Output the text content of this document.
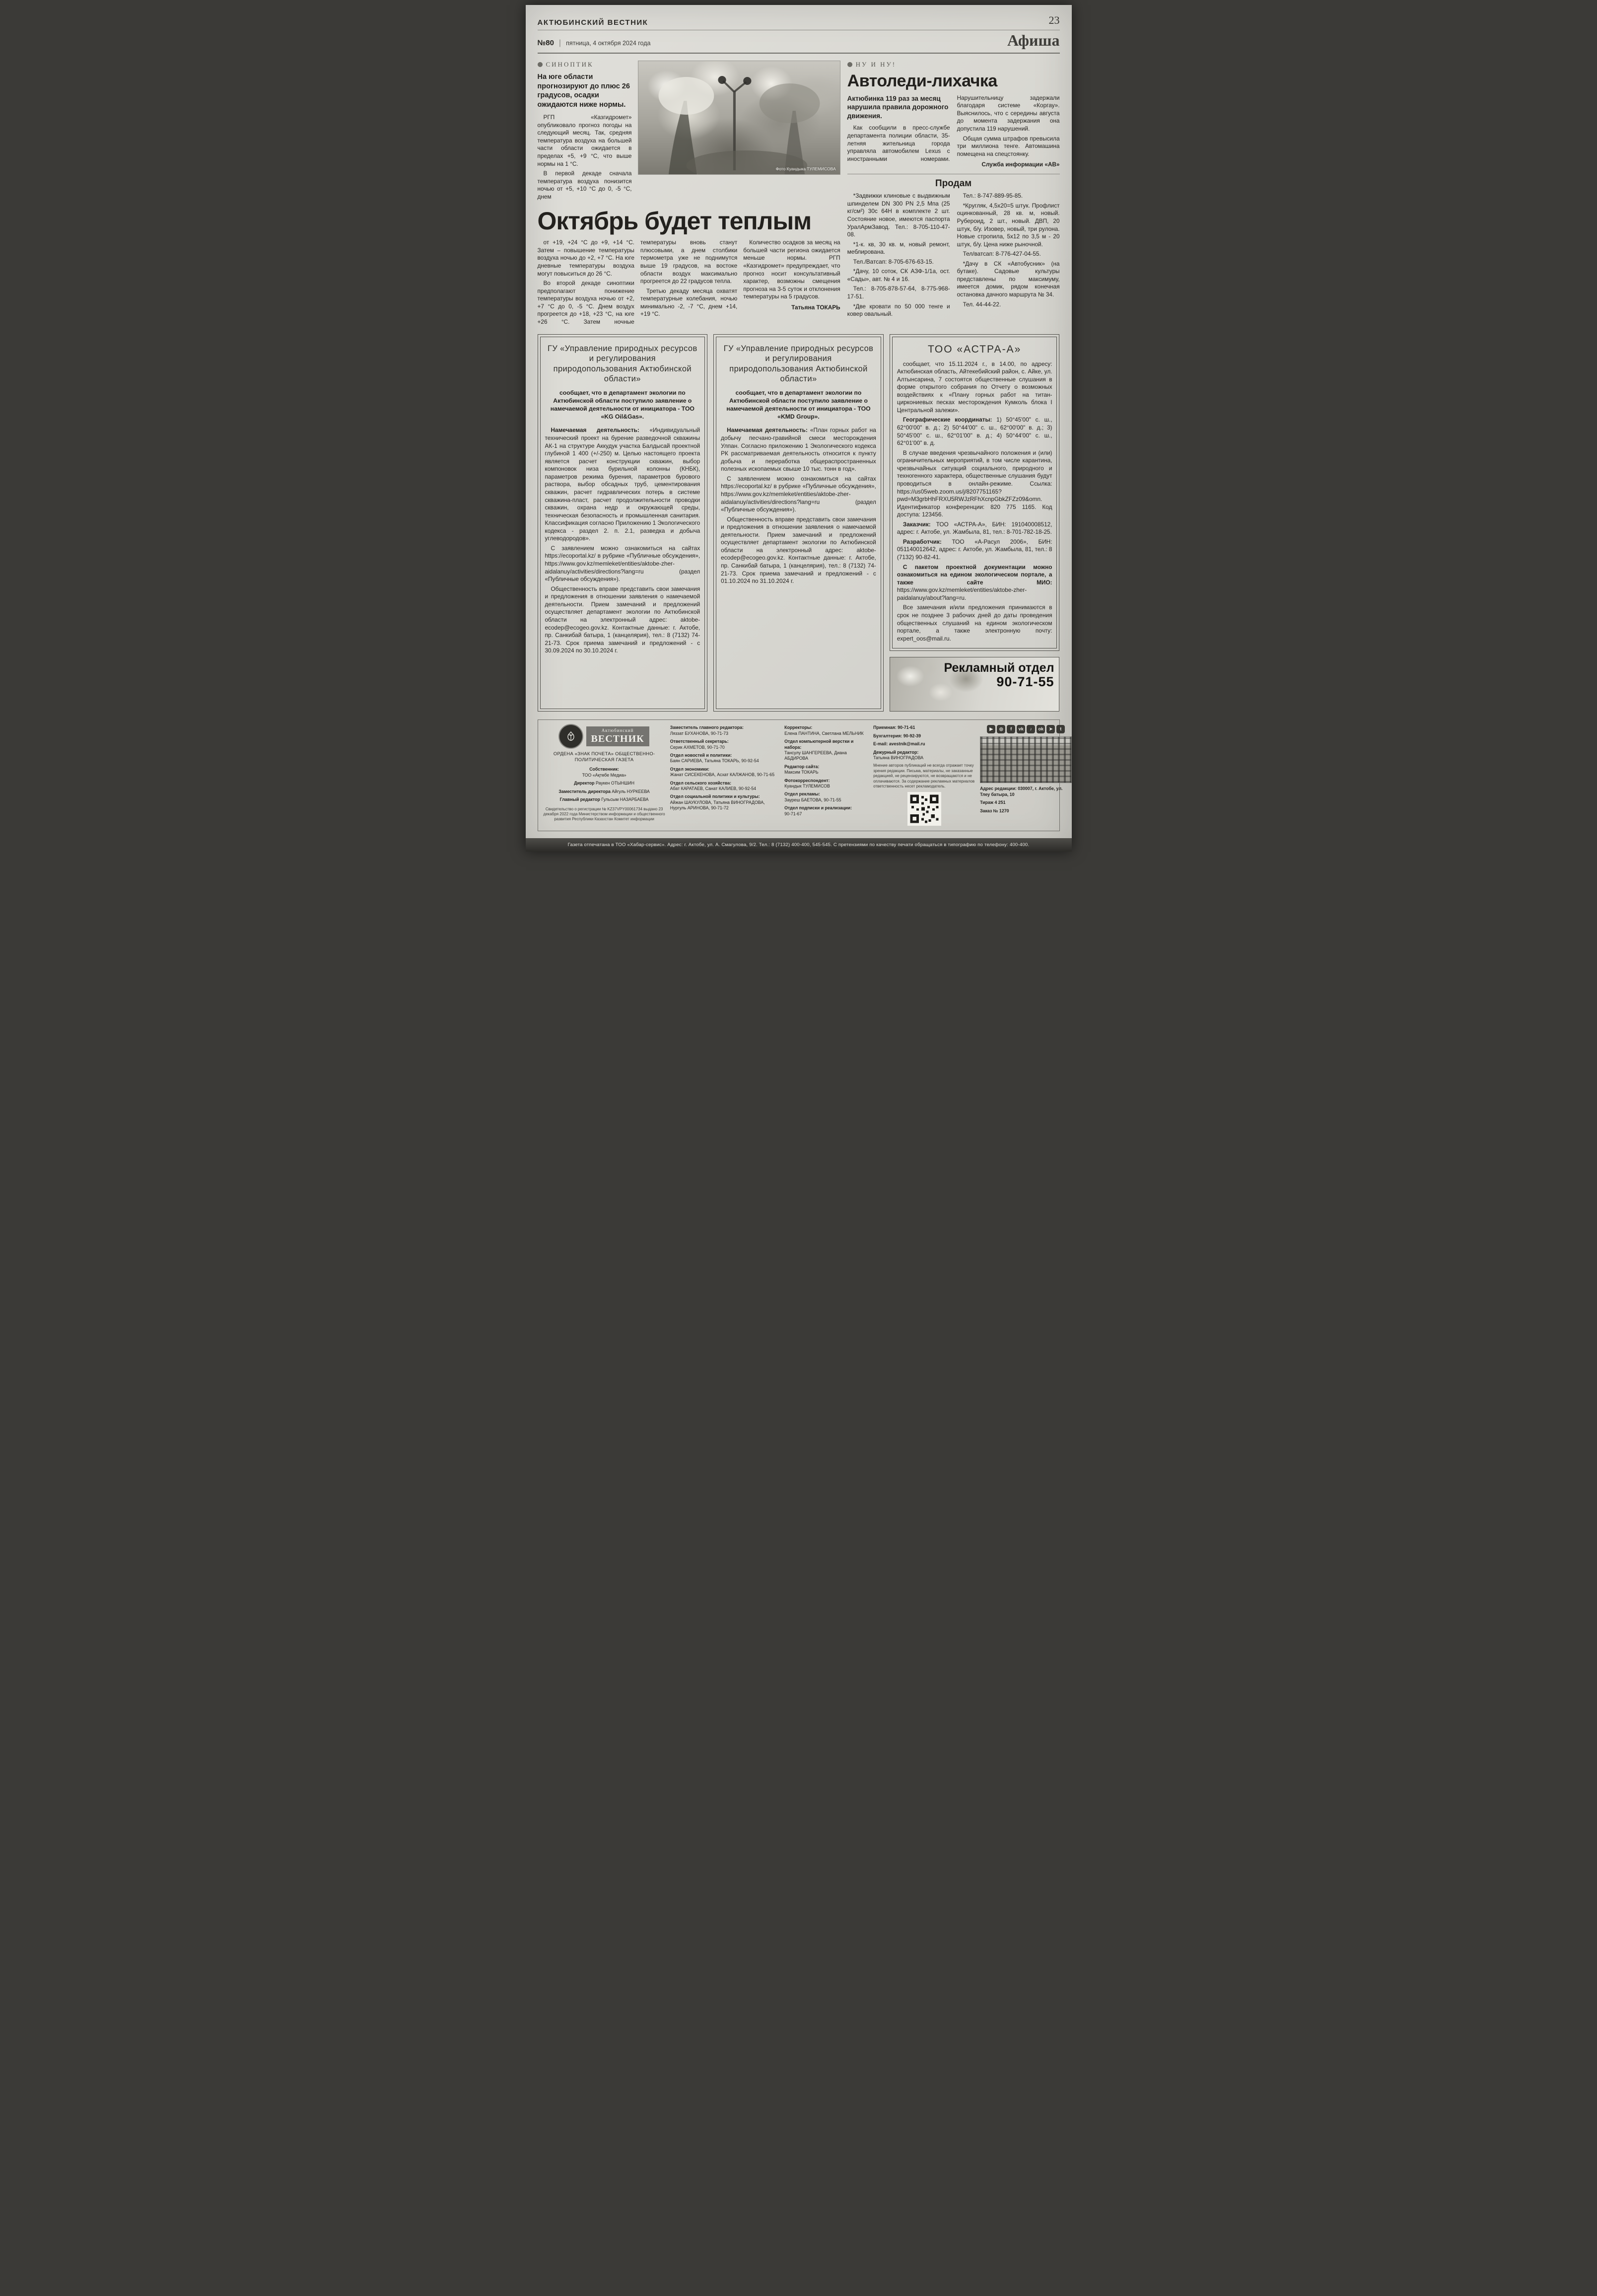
АКТЮБИНСКИЙ ВЕСТНИК	23
№80 | пятница, 4 октября 2024 года	Афиша
СИНОПТИК

На юге области прогнозируют до плюс 26 градусов, осадки ожидаются ниже нормы.

РГП «Казгидромет» опубликовало прогноз погоды на следующий месяц. Так, средняя температура воздуха на большей части области ожидается в пределах +5, +9 °С, что выше нормы на 1 °С.

В первой декаде сначала температура воздуха понизится ночью от +5, +10 °С до 0, -5 °С, днем

Фото Куандыка ТУЛЕМИСОВА
Октябрь будет теплым

от +19, +24 °С до +9, +14 °С. Затем – повышение температуры воздуха ночью до +2, +7 °С. На юге дневные температуры воздуха могут повыситься до 26 °С.

Во второй декаде синоптики предполагают понижение температуры воздуха ночью от +2, +7 °С до 0, -5 °С. Днем воздух прогреется до +18, +23 °С, на юге +26 °С. Затем ночные температуры вновь станут плюсовыми, а днем столбики термометра уже не поднимутся выше 19 градусов, на востоке области воздух максимально прогреется до 22 градусов тепла.

Третью декаду месяца охватят температурные колебания, ночью минимально -2, -7 °С, днем +14, +19 °С.

Количество осадков за месяц на большей части региона ожидается меньше нормы. РГП «Казгидромет» предупреждает, что прогноз носит консультативный характер, возможны смещения прогноза на 3-5 суток и отклонения температуры на 5 градусов.

Татьяна ТОКАРЬ

НУ И НУ!
Автоледи-лихачка

Актюбинка 119 раз за месяц нарушила правила дорожного движения.

Как сообщили в пресс-службе департамента полиции области, 35-летняя жительница города управляла автомобилем Lexus с иностранными номерами. Нарушительницу задержали благодаря системе «Коргау». Выяснилось, что с середины августа до момента задержания она допустила 119 нарушений.

Общая сумма штрафов превысила три миллиона тенге. Автомашина помещена на спецстоянку.

Служба информации «АВ»

Продам

*Задвижки клиновые с выдвижным шпинделем DN 300 PN 2,5 Мпа (25 кг/см²) 30с 64Н в комплекте 2 шт. Состояние новое, имеются паспорта УралАрмЗавод. Тел.: 8-705-110-47-08.

*1-к. кв, 30 кв. м, новый ремонт, меблирована.

Тел./Ватсап: 8-705-676-63-15.

*Дачу, 10 соток, СК АЗФ-1/1а, ост. «Сады», авт. № 4 и 16.

Тел.: 8-705-878-57-64, 8-775-968-17-51.

*Две кровати по 50 000 тенге и ковер овальный.

Тел.: 8-747-889-95-85.

*Кругляк, 4,5х20=5 штук. Профлист оцинкованный, 28 кв. м, новый. Рубероид, 2 шт., новый. ДВП, 20 штук, б/у. Изовер, новый, три рулона. Новые стропила, 5х12 по 3,5 м - 20 штук, б/у. Цена ниже рыночной.

Тел/ватсап: 8-776-427-04-55.

*Дачу в СК «Автобусник» (на бутаке). Садовые культуры представлены по максимуму, имеется домик, рядом конечная остановка дачного маршрута № 34.

Тел. 44-44-22.

ГУ «Управление природных ресурсов и регулирования природопользования Актюбинской области»
сообщает, что в департамент экологии по Актюбинской области поступило заявление о намечаемой деятельности от инициатора - ТОО «KG Oil&Gas».

Намечаемая деятельность: «Индивидуальный технический проект на бурение разведочной скважины АК-1 на структуре Аккудук участка Балдысай проектной глубиной 1 400 (+/-250) м. Целью настоящего проекта является расчет конструкции скважин, выбор компоновок низа бурильной колонны (КНБК), параметров режима бурения, параметров бурового раствора, выбор обсадных труб, цементирования скважин, расчет гидравлических потерь в системе скважина-пласт, расчет продолжительности проводки скважин, охрана недр и окружающей среды, техническая безопасность и промышленная санитария. Классификация согласно Приложению 1 Экологического кодекса - раздел 2. п. 2.1, разведка и добыча углеводородов».

С заявлением можно ознакомиться на сайтах https://ecoportal.kz/ в рубрике «Публичные обсуждения», https://www.gov.kz/memleket/entities/aktobe-zher-aidalanuy/activities/directions?lang=ru (раздел «Публичные обсуждения»).

Общественность вправе представить свои замечания и предложения в отношении заявления о намечаемой деятельности. Прием замечаний и предложений осуществляет департамент экологии по Актюбинской области на электронный адрес: aktobe-ecodep@ecogeo.gov.kz. Контактные данные: г. Актобе, пр. Санкибай батыра, 1 (канцелярия), тел.: 8 (7132) 74-21-73. Срок приема замечаний и предложений - с 30.09.2024 по 30.10.2024 г.

ГУ «Управление природных ресурсов и регулирования природопользования Актюбинской области»
сообщает, что в департамент экологии по Актюбинской области поступило заявление о намечаемой деятельности от инициатора - ТОО «KMD Group».

Намечаемая деятельность: «План горных работ на добычу песчано-гравийной смеси месторождения Улпан. Согласно приложению 1 Экологического кодекса РК рассматриваемая деятельность относится к пункту добыча и переработка общераспространенных полезных ископаемых свыше 10 тыс. тонн в год».

С заявлением можно ознакомиться на сайтах https://ecoportal.kz/ в рубрике «Публичные обсуждения», https://www.gov.kz/memleket/entities/aktobe-zher-aidalanuy/activities/directions?lang=ru (раздел «Публичные обсуждения»).

Общественность вправе представить свои замечания и предложения в отношении заявления о намечаемой деятельности. Прием замечаний и предложений осуществляет департамент экологии по Актюбинской области на электронный адрес: aktobe-ecodep@ecogeo.gov.kz. Контактные данные: г. Актобе, пр. Санкибай батыра, 1 (канцелярия), тел.: 8 (7132) 74-21-73. Срок приема замечаний и предложений - с 01.10.2024 по 31.10.2024 г.

ТОО «АСТРА-А»

сообщает, что 15.11.2024 г., в 14.00, по адресу: Актюбинская область, Айтекебийский район, с. Айке, ул. Алтынсарина, 7 состоятся общественные слушания в форме открытого собрания по Отчету о возможных воздействиях к «Плану горных работ на титан-циркониевых песках месторождения Кумколь блока I Центральной залежи».

Географические координаты: 1) 50°45'00" с. ш., 62°00'00" в. д.; 2) 50°44'00" с. ш., 62°00'00" в. д.; 3) 50°45'00" с. ш., 62°01'00" в. д.; 4) 50°44'00" с. ш., 62°01'00" в. д.

В случае введения чрезвычайного положения и (или) ограничительных мероприятий, в том числе карантина, чрезвычайных ситуаций социального, природного и техногенного характера, общественные слушания будут проводиться в онлайн-режиме. Ссылка: https://us05web.zoom.us/j/8207751165?pwd=M3grbHhFRXU5RWJzRFhXcnpGbkZFZz09&omn. Идентификатор конференции: 820 775 1165. Код доступа: 123456.

Заказчик: ТОО «АСТРА-А», БИН: 191040008512, адрес: г. Актобе, ул. Жамбыла, 81, тел.: 8-701-782-18-25.

Разработчик: ТОО «А-Расул 2006», БИН: 051140012642, адрес: г. Актобе, ул. Жамбыла, 81, тел.: 8 (7132) 90-82-41.

С пакетом проектной документации можно ознакомиться на едином экологическом портале, а также сайте МИО: https://www.gov.kz/memleket/entities/aktobe-zher-paidalanuy/about?lang=ru.

Все замечания и/или предложения принимаются в срок не позднее 3 рабочих дней до даты проведения общественных слушаний на едином экологическом портале, а также электронную почту: expert_oos@mail.ru.

Рекламный отдел
90-71-55
Актюбинский
ВЕСТНИК
ОРДЕНА «ЗНАК ПОЧЕТА» ОБЩЕСТВЕННО-ПОЛИТИЧЕСКАЯ ГАЗЕТА

Собственник:
ТОО «Ақтөбе Медиа»

Директор Раукен ОТЫНШИН

Заместитель директора Айгуль НУРКЕЕВА

Главный редактор Гульсым НАЗАРБАЕВА

Свидетельство о регистрации № KZ37VPY00061734 выдано 23 декабря 2022 года Министерством информации и общественного развития Республики Казахстан Комитет информации

Заместитель главного редактора:
Ляззат БУХАНОВА, 90-71-73

Ответственный секретарь:
Серик АХМЕТОВ, 90-71-70

Отдел новостей и политики:
Баян САРИЕВА, Татьяна ТОКАРЬ, 90-92-54

Отдел экономики:
Жанат СИСЕКЕНОВА, Асхат КАЛЖАНОВ, 90-71-65

Отдел сельского хозяйства:
Абат КАРАТАЕВ, Санат КАЛИЕВ, 90-92-54

Отдел социальной политики и культуры:
Айжан ШАУКУЛОВА, Татьяна ВИНОГРАДОВА, Нургуль АРИНОВА, 90-71-72

Корректоры:
Елена ПАНТИНА, Светлана МЕЛЬНИК

Отдел компьютерной верстки и набора:
Тансулу ШАНГЕРЕЕВА, Диана АБДИРОВА

Редактор сайта:
Максим ТОКАРЬ

Фотокорреспондент:
Куандык ТУЛЕМИСОВ

Отдел рекламы:
Зауреш БАЕТОВА, 90-71-55

Отдел подписки и реализации:
90-71-67

Приемная: 90-71-61

Бухгалтерия: 90-92-39

E-mail: avestnik@mail.ru

Дежурный редактор:
Татьяна ВИНОГРАДОВА

Мнение авторов публикаций не всегда отражает точку зрения редакции. Письма, материалы, не заказанные редакцией, не рецензируются, не возвращаются и не оплачиваются. За содержание рекламных материалов ответственность несет рекламодатель.

▶	◎	f	vk	♪	ok	➤	t

Адрес редакции: 030007, г. Актобе, ул. Тлеу батыра, 10

Тираж 4 251

Заказ № 1270

Газета отпечатана в ТОО «Хабар-сервис». Адрес: г. Актобе, ул. А. Смагулова, 9/2. Тел.: 8 (7132) 400-400, 545-545. С претензиями по качеству печати обращаться в типографию по телефону: 400-400.
